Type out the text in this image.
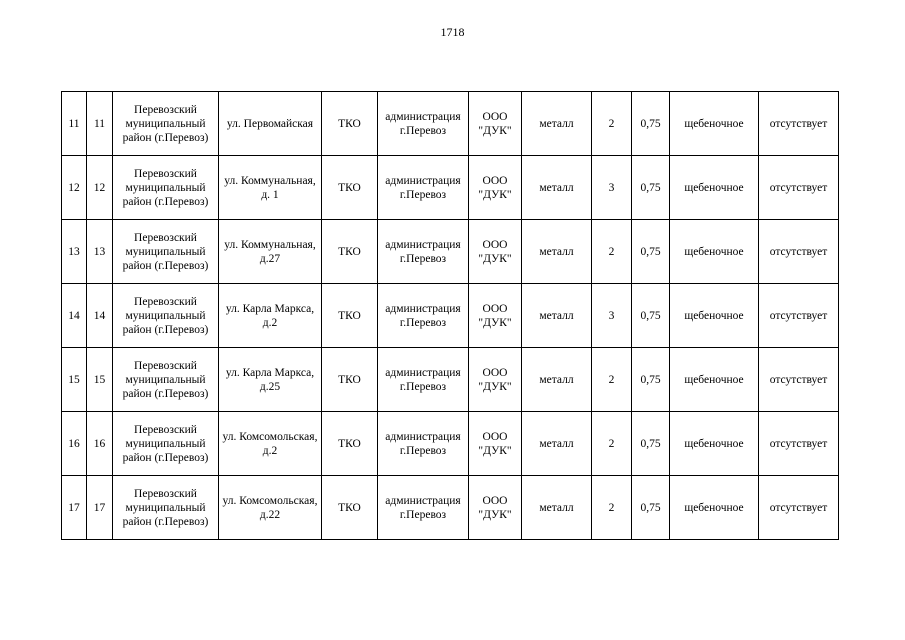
1718
11	11	Перевозский муниципальный район (г.Перевоз)	ул. Первомайская	ТКО	администрация г.Перевоз	ООО "ДУК"	металл	2	0,75	щебеночное	отсутствует
12	12	Перевозский муниципальный район (г.Перевоз)	ул. Коммунальная, д. 1	ТКО	администрация г.Перевоз	ООО "ДУК"	металл	3	0,75	щебеночное	отсутствует
13	13	Перевозский муниципальный район (г.Перевоз)	ул. Коммунальная, д.27	ТКО	администрация г.Перевоз	ООО "ДУК"	металл	2	0,75	щебеночное	отсутствует
14	14	Перевозский муниципальный район (г.Перевоз)	ул. Карла Маркса, д.2	ТКО	администрация г.Перевоз	ООО "ДУК"	металл	3	0,75	щебеночное	отсутствует
15	15	Перевозский муниципальный район (г.Перевоз)	ул. Карла Маркса, д.25	ТКО	администрация г.Перевоз	ООО "ДУК"	металл	2	0,75	щебеночное	отсутствует
16	16	Перевозский муниципальный район (г.Перевоз)	ул. Комсомольская, д.2	ТКО	администрация г.Перевоз	ООО "ДУК"	металл	2	0,75	щебеночное	отсутствует
17	17	Перевозский муниципальный район (г.Перевоз)	ул. Комсомольская, д.22	ТКО	администрация г.Перевоз	ООО "ДУК"	металл	2	0,75	щебеночное	отсутствует
